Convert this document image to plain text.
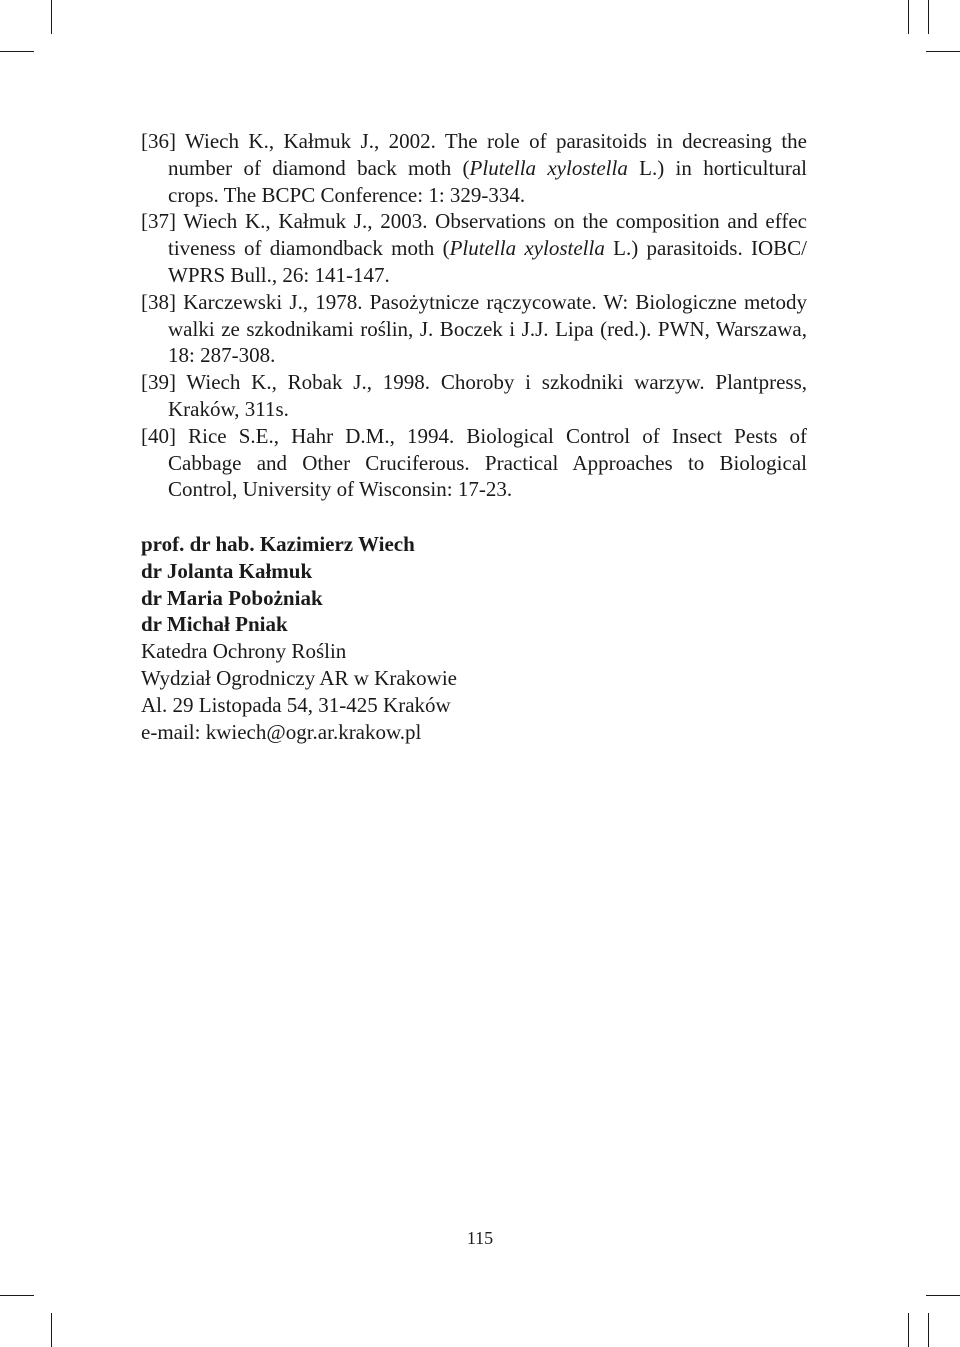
[36] Wiech K., Kałmuk J., 2002. The role of parasitoids in decreasing the number of diamond back moth (Plutella xylostella L.) in horticultural crops. The BCPC Conference: 1: 329-334.

[37] Wiech K., Kałmuk J., 2003. Observations on the composition and effec tiveness of diamondback moth (Plutella xylostella L.) parasitoids. IOBC/ WPRS Bull., 26: 141-147.

[38] Karczewski J., 1978. Pasożytnicze rączycowate. W: Biologiczne metody walki ze szkodnikami roślin, J. Boczek i J.J. Lipa (red.). PWN, Warszawa, 18: 287-308.

[39] Wiech K., Robak J., 1998. Choroby i szkodniki warzyw. Plantpress, Kraków, 311s.

[40] Rice S.E., Hahr D.M., 1994. Biological Control of Insect Pests of Cabbage and Other Cruciferous. Practical Approaches to Biological Control, University of Wisconsin: 17-23.

prof. dr hab. Kazimierz Wiech
dr Jolanta Kałmuk
dr Maria Pobożniak
dr Michał Pniak
Katedra Ochrony Roślin
Wydział Ogrodniczy AR w Krakowie
Al. 29 Listopada 54, 31-425 Kraków
e-mail: kwiech@ogr.ar.krakow.pl
115
